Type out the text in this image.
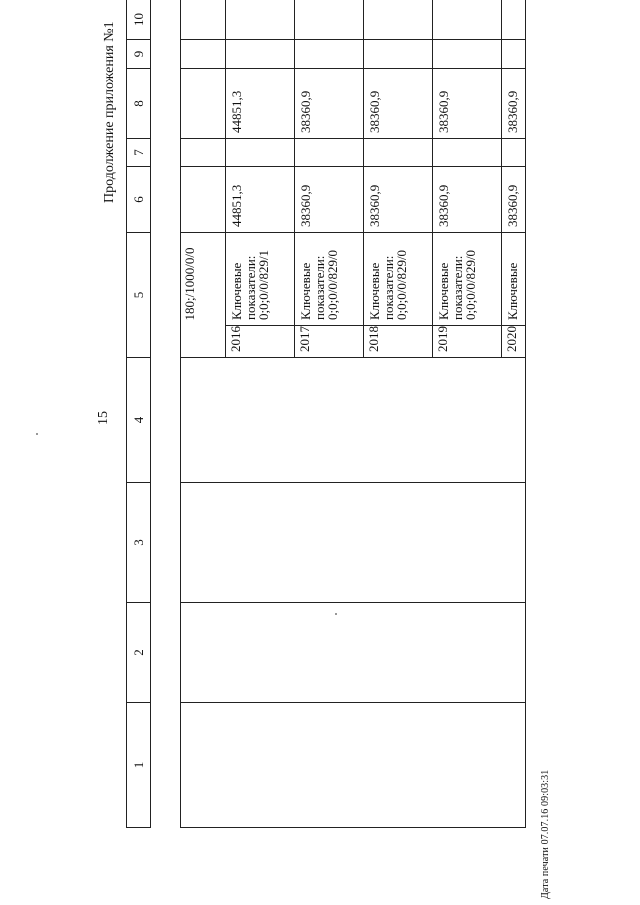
15
Продолжение приложения №1
Дата печати 07.07.16 09:03:31
1	2	3	4	5	6	7	8	9	10
					180;/1000/0/0					
				2016	Ключевые показатели: 0;0;0/0/829/1	44851,3		44851,3		
				2017	Ключевые показатели: 0;0;0/0/829/0	38360,9		38360,9		
				2018	Ключевые показатели: 0;0;0/0/829/0	38360,9		38360,9		
				2019	Ключевые показатели: 0;0;0/0/829/0	38360,9		38360,9		
				2020	Ключевые	38360,9		38360,9		
